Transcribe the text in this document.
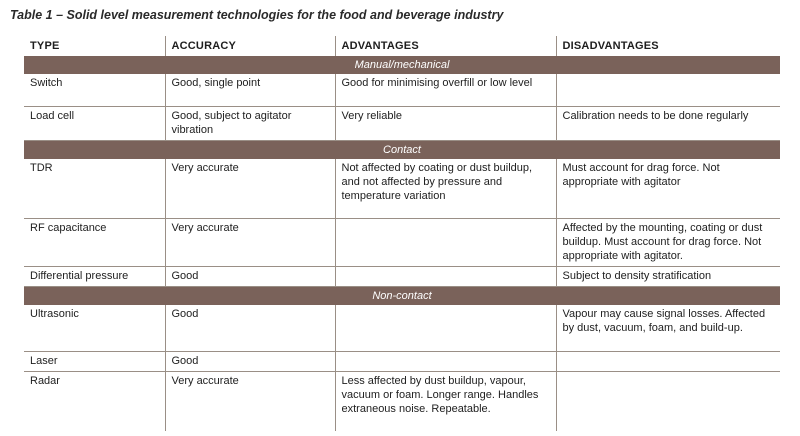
Table 1 – Solid level measurement technologies for the food and beverage industry
TYPE	ACCURACY	ADVANTAGES	DISADVANTAGES
Manual/mechanical			
Switch	Good, single point	Good for minimising overfill or low level	
Load cell	Good, subject to agitator vibration	Very reliable	Calibration needs to be done regularly
Contact			
TDR	Very accurate	Not affected by coating or dust buildup, and not affected by pressure and temperature variation	Must account for drag force. Not appropriate with agitator
RF capacitance	Very accurate		Affected by the mounting, coating or dust buildup. Must account for drag force. Not appropriate with agitator.
Differential pressure	Good		Subject to density stratification
Non-contact			
Ultrasonic	Good		Vapour may cause signal losses. Affected by dust, vacuum, foam, and build-up.
Laser	Good		
Radar	Very accurate	Less affected by dust buildup, vapour, vacuum or foam. Longer range. Handles extraneous noise. Repeatable.	
